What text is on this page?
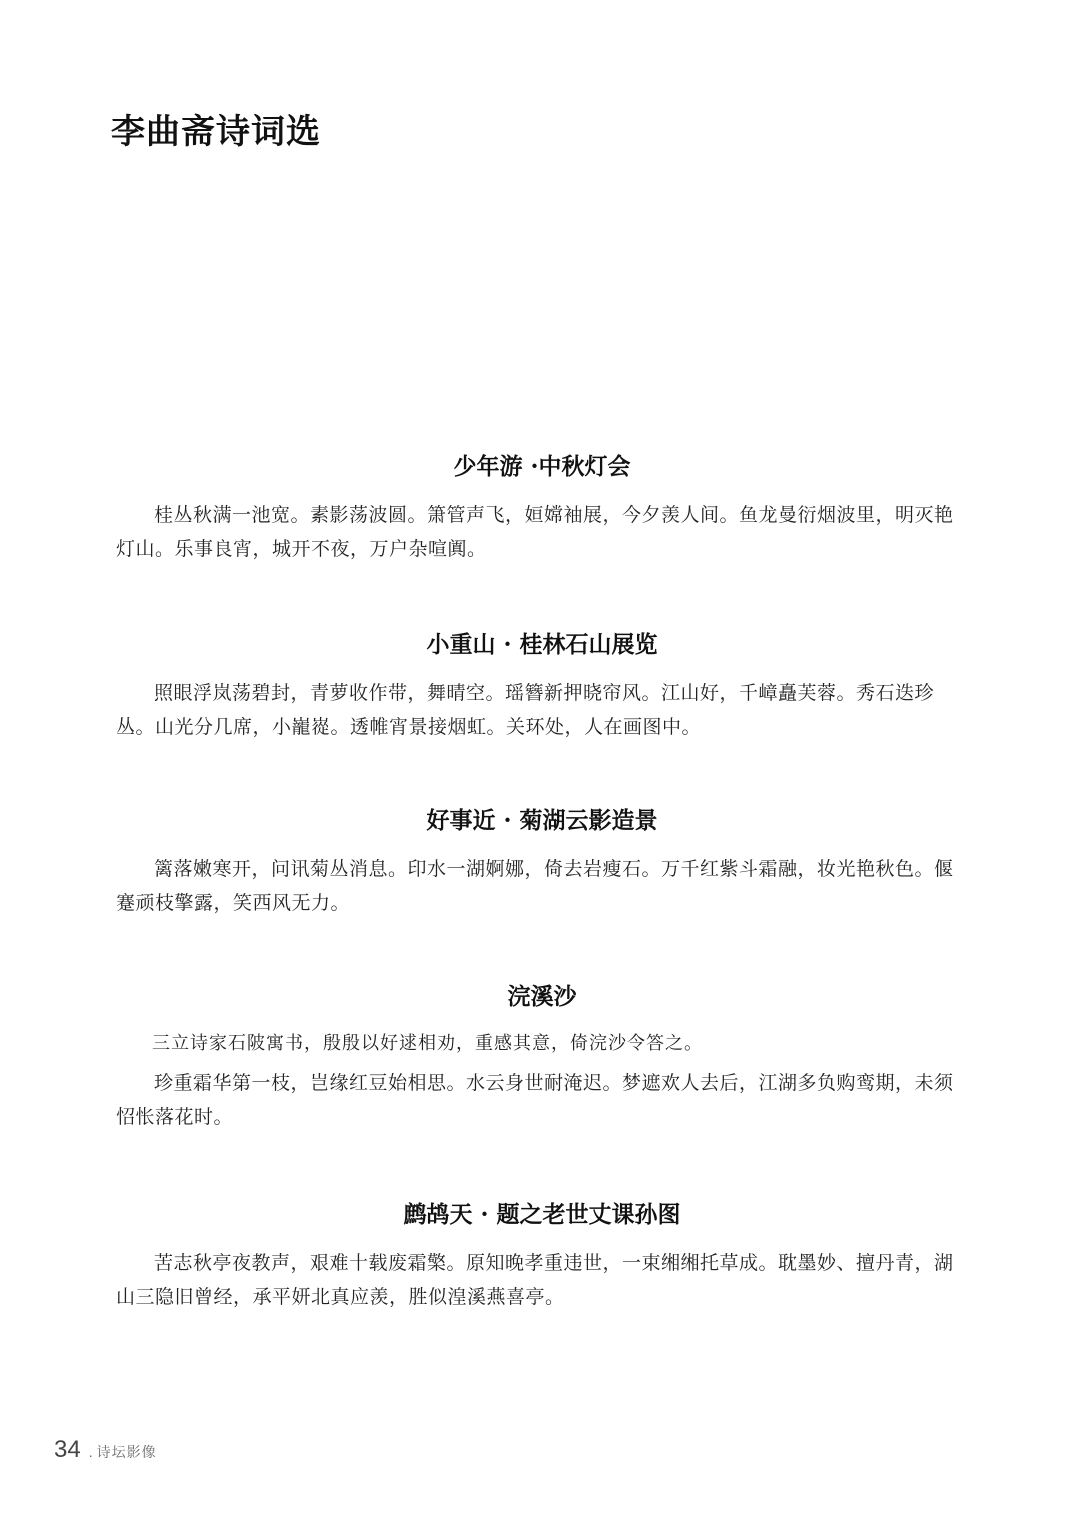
李曲斋诗词选
少年游 ·中秋灯会

桂丛秋满一池宽。素影荡波圆。箫管声飞，姮嫦袖展，今夕羡人间。鱼龙曼衍烟波里，明灭艳灯山。乐事良宵，城开不夜，万户杂喧阗。

小重山 · 桂林石山展览

照眼浮岚荡碧封，青萝收作带，舞晴空。瑶簪新押晓帘风。江山好，千嶂矗芙蓉。秀石迭珍丛。山光分几席，小巃嵸。透帷宵景接烟虹。关环处，人在画图中。

好事近 · 菊湖云影造景

篱落嫩寒开，问讯菊丛消息。印水一湖婀娜，倚去岩瘦石。万千红紫斗霜融，妆光艳秋色。偃蹇顽枝擎露，笑西风无力。

浣溪沙

三立诗家石陂寓书，殷殷以好逑相劝，重感其意，倚浣沙令答之。

珍重霜华第一枝，岂缘红豆始相思。水云身世耐淹迟。梦遮欢人去后，江湖多负购鸾期，未须怊怅落花时。

鹧鸪天 · 题之老世丈课孙图

苦志秋亭夜教声，艰难十载废霜檠。原知晚孝重违世，一束缃缃托草成。耽墨妙、擅丹青，湖山三隐旧曾经，承平妍北真应羡，胜似湟溪燕喜亭。

34 . 诗坛影像
